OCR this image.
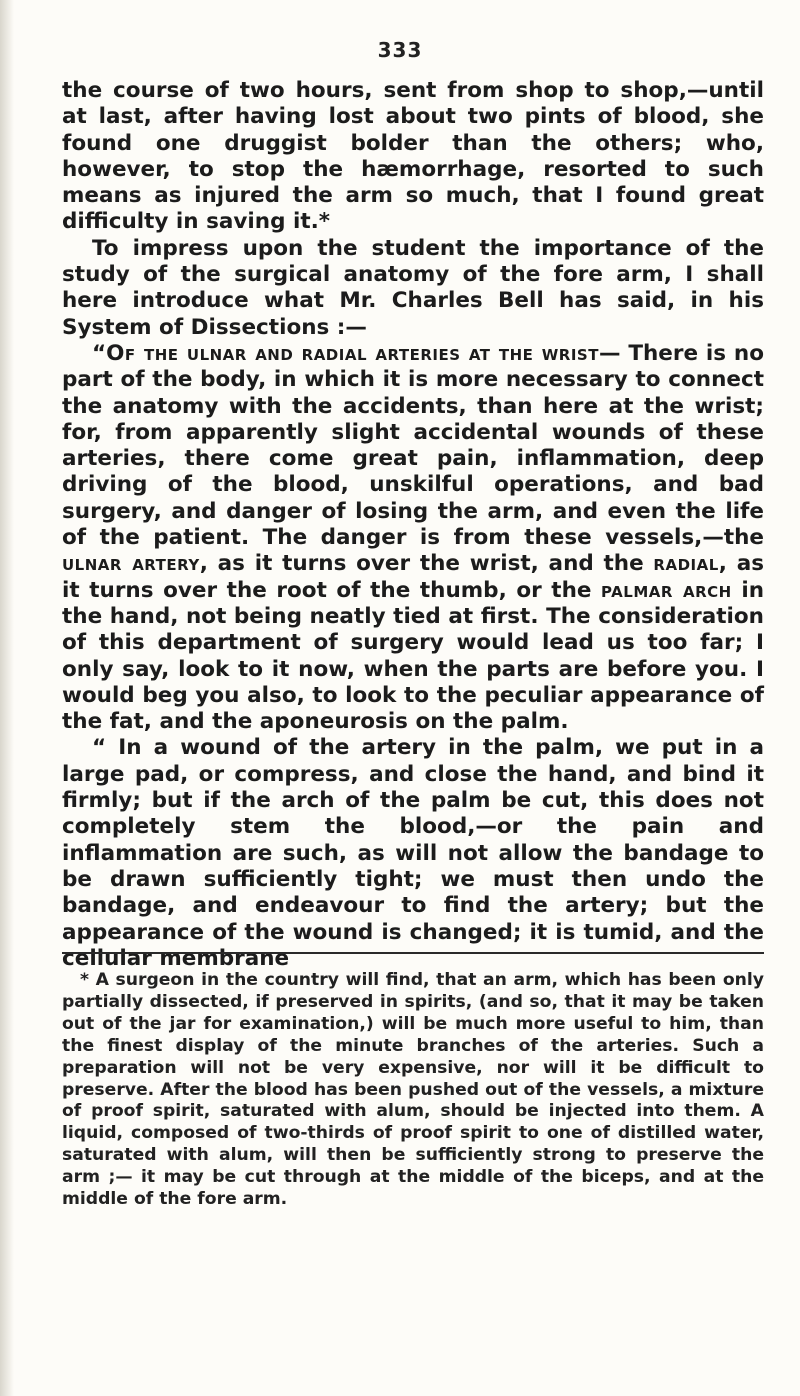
333

the course of two hours, sent from shop to shop,—until at last, after having lost about two pints of blood, she found one druggist bolder than the others; who, however, to stop the hæmorrhage, resorted to such means as injured the arm so much, that I found great difficulty in saving it.*

To impress upon the student the importance of the study of the surgical anatomy of the fore arm, I shall here introduce what Mr. Charles Bell has said, in his System of Dissections :—

“Of the ulnar and radial arteries at the wrist— There is no part of the body, in which it is more necessary to connect the anatomy with the accidents, than here at the wrist; for, from apparently slight accidental wounds of these arteries, there come great pain, inflammation, deep driving of the blood, unskilful operations, and bad surgery, and danger of losing the arm, and even the life of the patient. The danger is from these vessels,—the ulnar artery, as it turns over the wrist, and the radial, as it turns over the root of the thumb, or the palmar arch in the hand, not being neatly tied at first. The consideration of this department of surgery would lead us too far; I only say, look to it now, when the parts are before you. I would beg you also, to look to the peculiar appearance of the fat, and the aponeurosis on the palm.

“ In a wound of the artery in the palm, we put in a large pad, or compress, and close the hand, and bind it firmly; but if the arch of the palm be cut, this does not completely stem the blood,—or the pain and inflammation are such, as will not allow the bandage to be drawn sufficiently tight; we must then undo the bandage, and endeavour to find the artery; but the appearance of the wound is changed; it is tumid, and the cellular membrane

* A surgeon in the country will find, that an arm, which has been only partially dissected, if preserved in spirits, (and so, that it may be taken out of the jar for examination,) will be much more useful to him, than the finest display of the minute branches of the arteries. Such a preparation will not be very expensive, nor will it be difficult to preserve. After the blood has been pushed out of the vessels, a mixture of proof spirit, saturated with alum, should be injected into them. A liquid, composed of two-thirds of proof spirit to one of distilled water, saturated with alum, will then be sufficiently strong to preserve the arm ;— it may be cut through at the middle of the biceps, and at the middle of the fore arm.
